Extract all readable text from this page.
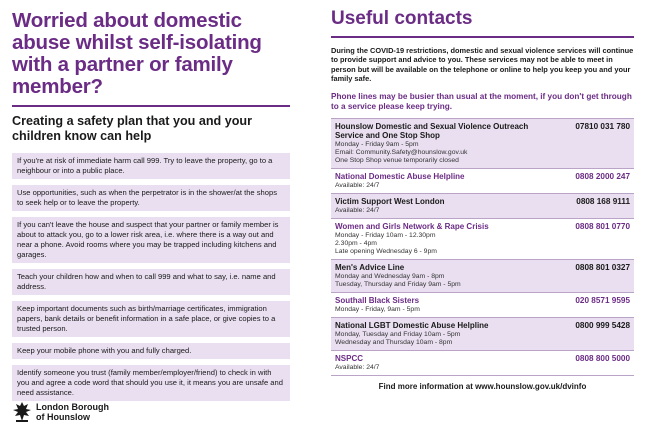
Worried about domestic abuse whilst self-isolating with a partner or family member?
Creating a safety plan that you and your children know can help

If you're at risk of immediate harm call 999. Try to leave the property, go to a neighbour or into a public place.

Use opportunities, such as when the perpetrator is in the shower/at the shops to seek help or to leave the property.

If you can't leave the house and suspect that your partner or family member is about to attack you, go to a lower risk area, i.e. where there is a way out and near a phone. Avoid rooms where you may be trapped including kitchens and garages.

Teach your children how and when to call 999 and what to say, i.e. name and address.

Keep important documents such as birth/marriage certificates, immigration papers, bank details or benefit information in a safe place, or give copies to a trusted person.

Keep your mobile phone with you and fully charged.

Identify someone you trust (family member/employer/friend) to check in with you and agree a code word that should you use it, it means you are unsafe and need assistance.

London Borough
of Hounslow
Useful contacts

During the COVID-19 restrictions, domestic and sexual violence services will continue to provide support and advice to you. These services may not be able to meet in person but will be available on the telephone or online to help you keep you and your family safe.

Phone lines may be busier than usual at the moment, if you don't get through to a service please keep trying.

Hounslow Domestic and Sexual Violence Outreach Service and One Stop Shop
Monday - Friday 9am - 5pm
Email: Community.Safety@hounslow.gov.uk
One Stop Shop venue temporarily closed
07810 031 780
National Domestic Abuse Helpline
Available: 24/7
0808 2000 247
Victim Support West London
Available: 24/7
0808 168 9111
Women and Girls Network & Rape Crisis
Monday - Friday 10am - 12.30pm
2.30pm - 4pm
Late opening Wednesday 6 - 9pm
0808 801 0770
Men's Advice Line
Monday and Wednesday 9am - 8pm
Tuesday, Thursday and Friday 9am - 5pm
0808 801 0327
Southall Black Sisters
Monday - Friday, 9am - 5pm
020 8571 9595
National LGBT Domestic Abuse Helpline
Monday, Tuesday and Friday 10am - 5pm
Wednesday and Thursday 10am - 8pm
0800 999 5428
NSPCC
Available: 24/7
0808 800 5000

Find more information at www.hounslow.gov.uk/dvinfo
